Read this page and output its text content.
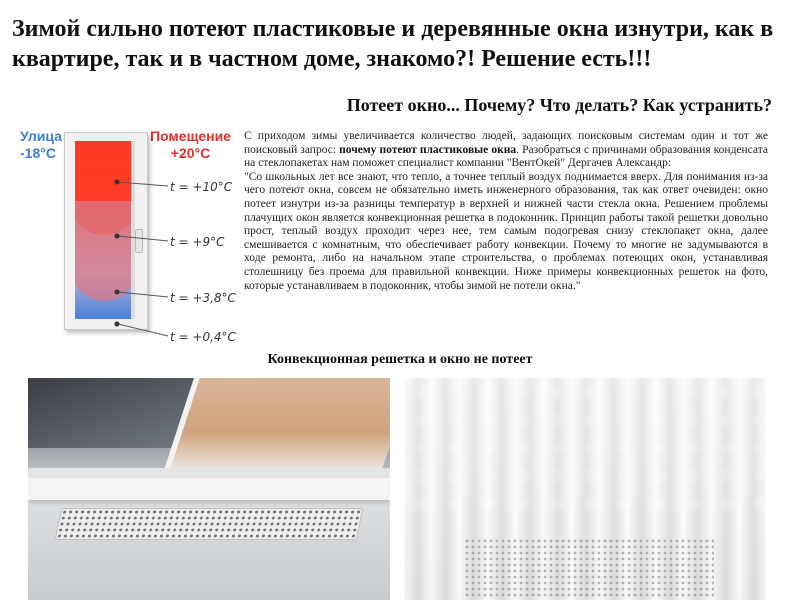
Зимой сильно потеют пластиковые и деревянные окна изнутри, как в квартире, так и в частном доме, знакомо?! Решение есть!!!
Потеет окно... Почему? Что делать? Как устранить?
Улица
-18°C
Помещение
+20°C
t = +10°C
t = +9°C
t = +3,8°C
t = +0,4°C

С приходом зимы увеличивается количество людей, задающих поисковым системам один и тот же поисковый запрос: почему потеют пластиковые окна. Разобраться с причинами образования конденсата на стеклопакетах нам поможет специалист компании "ВентОкей" Дергачев Александр:

"Со школьных лет все знают, что тепло, а точнее теплый воздух поднимается вверх. Для понимания из-за чего потеют окна, совсем не обязательно иметь инженерного образования, так как ответ очевиден: окно потеет изнутри из-за разницы температур в верхней и нижней части стекла окна. Решением проблемы плачущих окон является конвекционная решетка в подоконник. Принцип работы такой решетки довольно прост, теплый воздух проходит через нее, тем самым подогревая снизу стеклопакет окна, далее смешивается с комнатным, что обеспечивает работу конвекции. Почему то многие не задумываются в ходе ремонта, либо на начальном этапе строительства, о проблемах потеющих окон, устанавливая столешницу без проема для правильной конвекции. Ниже примеры конвекционных решеток на фото, которые устанавливаем в подоконник, чтобы зимой не потели окна."

Конвекционная решетка и окно не потеет
